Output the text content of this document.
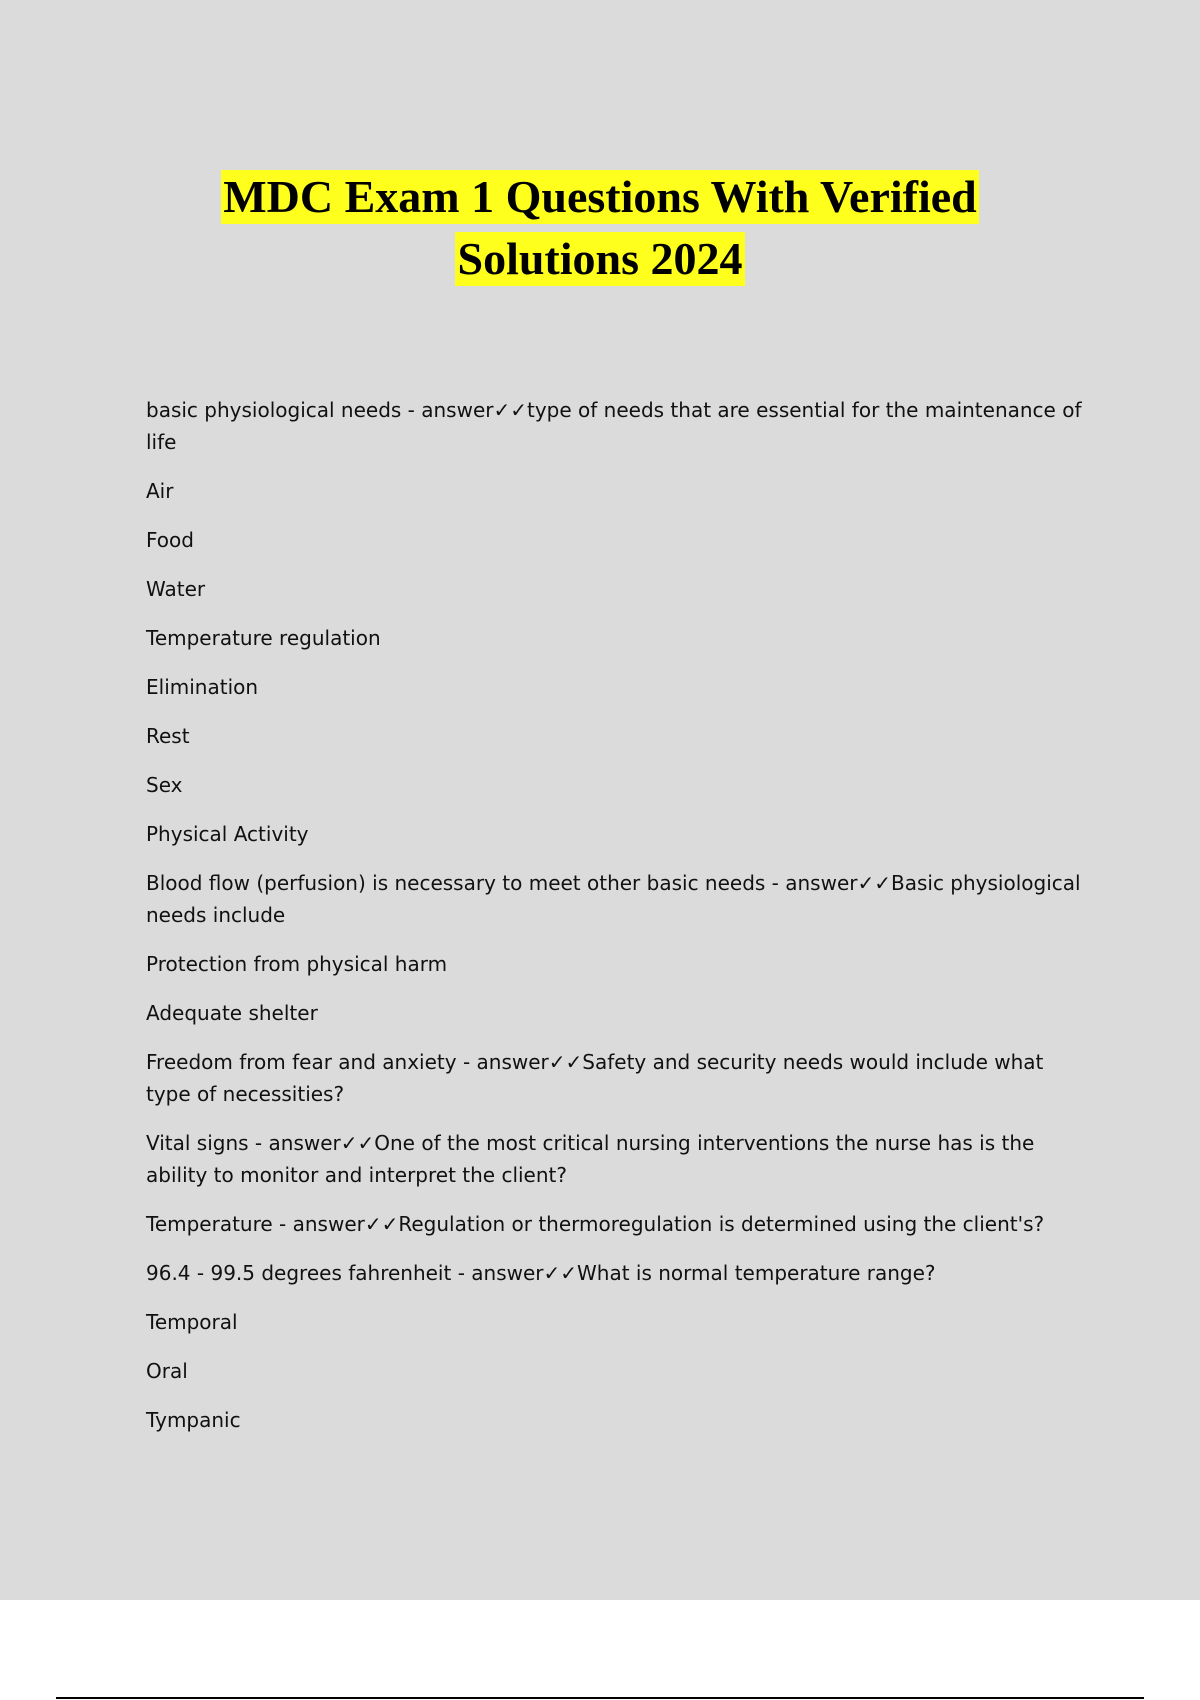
MDC Exam 1 Questions With Verified
Solutions 2024

basic physiological needs - answer✓✓type of needs that are essential for the maintenance of life

Air

Food

Water

Temperature regulation

Elimination

Rest

Sex

Physical Activity

Blood flow (perfusion) is necessary to meet other basic needs - answer✓✓Basic physiological needs include

Protection from physical harm

Adequate shelter

Freedom from fear and anxiety - answer✓✓Safety and security needs would include what type of necessities?

Vital signs - answer✓✓One of the most critical nursing interventions the nurse has is the ability to monitor and interpret the client?

Temperature - answer✓✓Regulation or thermoregulation is determined using the client's?

96.4 - 99.5 degrees fahrenheit - answer✓✓What is normal temperature range?

Temporal

Oral

Tympanic
